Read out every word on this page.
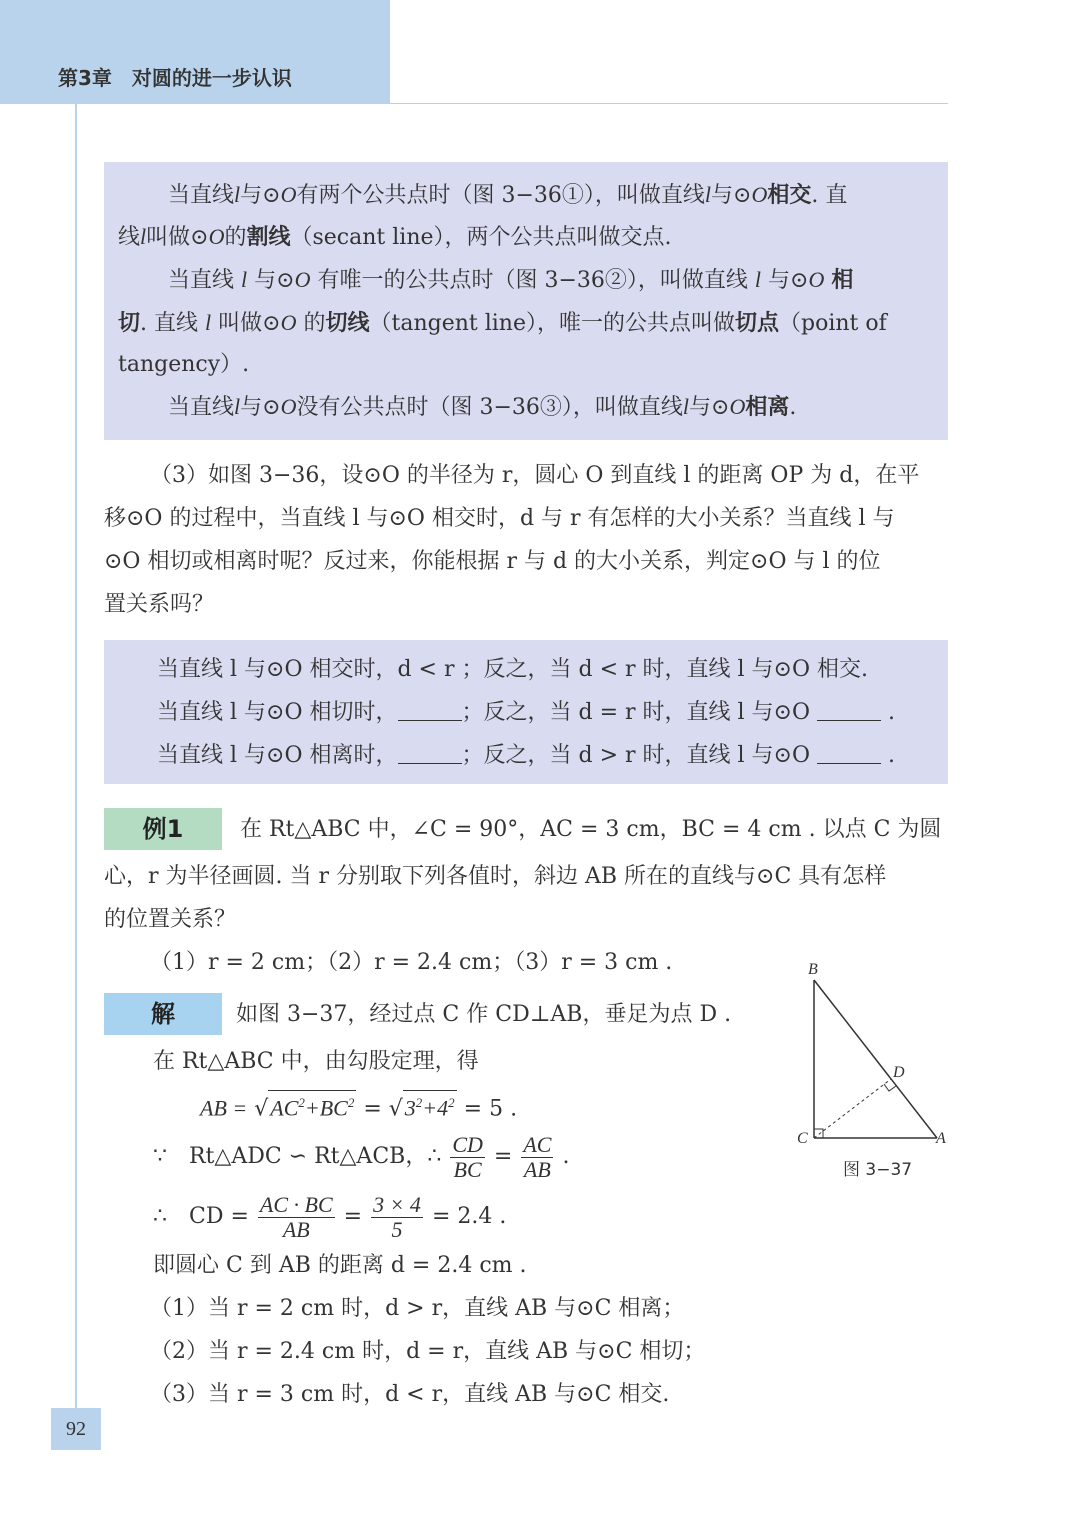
第3章　对圆的进一步认识
当直线l与⊙O有两个公共点时（图 3−36①），叫做直线l与⊙O相交. 直
线l叫做⊙O的割线（secant line），两个公共点叫做交点.
当直线 l 与⊙O 有唯一的公共点时（图 3−36②），叫做直线 l 与⊙O 相
切. 直线 l 叫做⊙O 的切线（tangent line），唯一的公共点叫做切点（point of
tangency）.
当直线l与⊙O没有公共点时（图 3−36③），叫做直线l与⊙O相离.
（3）如图 3−36，设⊙O 的半径为 r，圆心 O 到直线 l 的距离 OP 为 d，在平
移⊙O 的过程中，当直线 l 与⊙O 相交时，d 与 r 有怎样的大小关系？当直线 l 与
⊙O 相切或相离时呢？反过来，你能根据 r 与 d 的大小关系，判定⊙O 与 l 的位
置关系吗？
当直线 l 与⊙O 相交时，d < r ；反之，当 d < r 时，直线 l 与⊙O 相交.
当直线 l 与⊙O 相切时，	；反之，当 d = r 时，直线 l 与⊙O	.
当直线 l 与⊙O 相离时，	；反之，当 d > r 时，直线 l 与⊙O	.
例1	在 Rt△ABC 中，∠C = 90°，AC = 3 cm，BC = 4 cm . 以点 C 为圆
心，r 为半径画圆. 当 r 分别取下列各值时，斜边 AB 所在的直线与⊙C 具有怎样
的位置关系？
（1）r = 2 cm；（2）r = 2.4 cm；（3）r = 3 cm .
解	如图 3−37，经过点 C 作 CD⊥AB，垂足为点 D .
在 Rt△ABC 中，由勾股定理，得
AB = $√AC^2+BC^2 = √3^2+4^2 = 5$ .
∵　Rt△ADC ∽ Rt△ACB，∴ $\frac{CD}{BC} = \frac{AC}{AB}$ .
∴　CD = $\frac{AC \cdot BC}{AB} = \frac{3 \times 4}{5} = 2.4$ .
即圆心 C 到 AB 的距离 d = 2.4 cm .
（1）当 r = 2 cm 时，d > r，直线 AB 与⊙C 相离；
（2）当 r = 2.4 cm 时，d = r，直线 AB 与⊙C 相切；
（3）当 r = 3 cm 时，d < r，直线 AB 与⊙C 相交.
B
C	A
D
图 3−37
92
